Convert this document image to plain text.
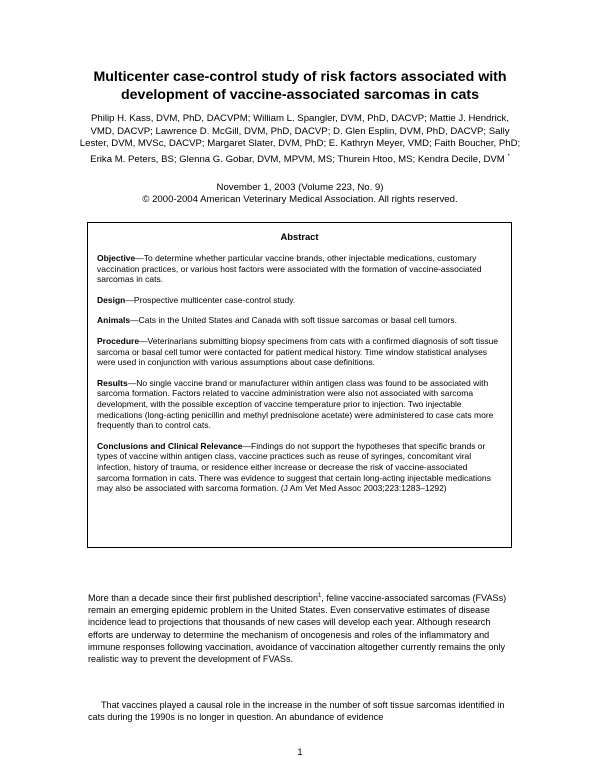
Multicenter case-control study of risk factors associated with development of vaccine-associated sarcomas in cats
Philip H. Kass, DVM, PhD, DACVPM; William L. Spangler, DVM, PhD, DACVP; Mattie J. Hendrick, VMD, DACVP; Lawrence D. McGill, DVM, PhD, DACVP; D. Glen Esplin, DVM, PhD, DACVP; Sally Lester, DVM, MVSc, DACVP; Margaret Slater, DVM, PhD; E. Kathryn Meyer, VMD; Faith Boucher, PhD; Erika M. Peters, BS; Glenna G. Gobar, DVM, MPVM, MS; Thurein Htoo, MS; Kendra Decile, DVM *
November 1, 2003 (Volume 223, No. 9)
© 2000-2004 American Veterinary Medical Association. All rights reserved.
Abstract

Objective—To determine whether particular vaccine brands, other injectable medications, customary vaccination practices, or various host factors were associated with the formation of vaccine-associated sarcomas in cats.

Design—Prospective multicenter case-control study.

Animals—Cats in the United States and Canada with soft tissue sarcomas or basal cell tumors.

Procedure—Veterinarians submitting biopsy specimens from cats with a confirmed diagnosis of soft tissue sarcoma or basal cell tumor were contacted for patient medical history. Time window statistical analyses were used in conjunction with various assumptions about case definitions.

Results—No single vaccine brand or manufacturer within antigen class was found to be associated with sarcoma formation. Factors related to vaccine administration were also not associated with sarcoma development, with the possible exception of vaccine temperature prior to injection. Two injectable medications (long-acting penicillin and methyl prednisolone acetate) were administered to case cats more frequently than to control cats.

Conclusions and Clinical Relevance—Findings do not support the hypotheses that specific brands or types of vaccine within antigen class, vaccine practices such as reuse of syringes, concomitant viral infection, history of trauma, or residence either increase or decrease the risk of vaccine-associated sarcoma formation in cats. There was evidence to suggest that certain long-acting injectable medications may also be associated with sarcoma formation. (J Am Vet Med Assoc 2003;223:1283–1292)

More than a decade since their first published description$^1$, feline vaccine-associated sarcomas (FVASs) remain an emerging epidemic problem in the United States. Even conservative estimates of disease incidence lead to projections that thousands of new cases will develop each year. Although research efforts are underway to determine the mechanism of oncogenesis and roles of the inflammatory and immune responses following vaccination, avoidance of vaccination altogether currently remains the only realistic way to prevent the development of FVASs.

That vaccines played a causal role in the increase in the number of soft tissue sarcomas identified in cats during the 1990s is no longer in question. An abundance of evidence

1
